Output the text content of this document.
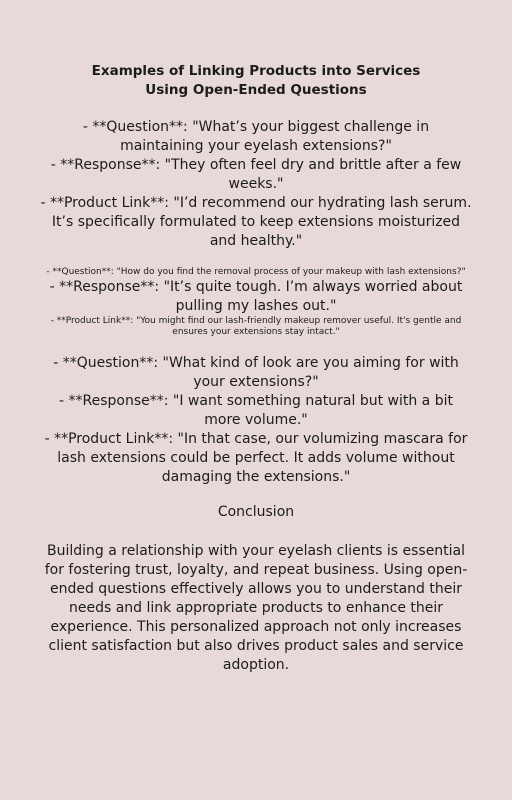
Examples of Linking Products into Services Using Open-Ended Questions
- **Question**: "What’s your biggest challenge in maintaining your eyelash extensions?"
- **Response**: "They often feel dry and brittle after a few weeks."
- **Product Link**: "I’d recommend our hydrating lash serum. It’s specifically formulated to keep extensions moisturized and healthy."
- **Question**: "How do you find the removal process of your makeup with lash extensions?"
- **Response**: "It’s quite tough. I’m always worried about pulling my lashes out."
- **Product Link**: "You might find our lash-friendly makeup remover useful. It's gentle and ensures your extensions stay intact."
- **Question**: "What kind of look are you aiming for with your extensions?"
- **Response**: "I want something natural but with a bit more volume."
- **Product Link**: "In that case, our volumizing mascara for lash extensions could be perfect. It adds volume without damaging the extensions."
Conclusion
Building a relationship with your eyelash clients is essential for fostering trust, loyalty, and repeat business. Using open-ended questions effectively allows you to understand their needs and link appropriate products to enhance their experience. This personalized approach not only increases client satisfaction but also drives product sales and service adoption.
